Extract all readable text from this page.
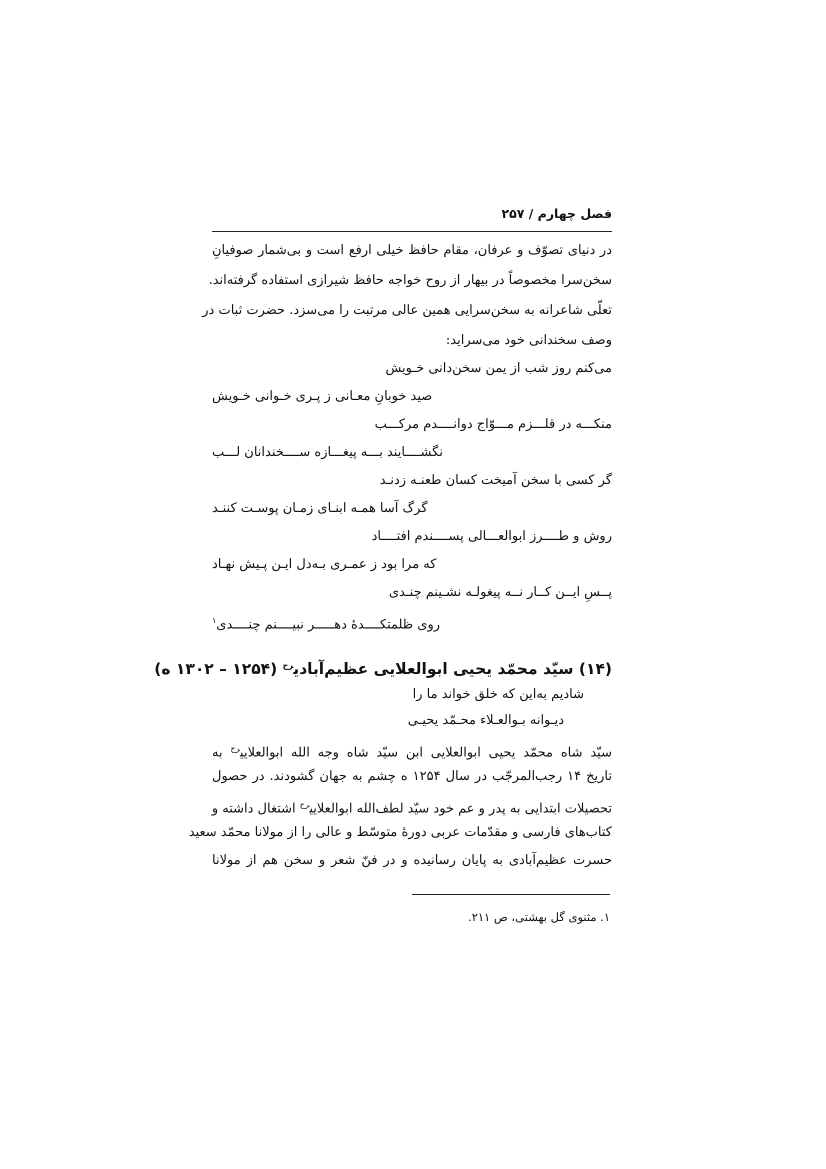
فصل چهارم / ۲۵۷
در دنیای تصوّف و عرفان، مقام حافظ خیلی ارفع است و بی‌شمار صوفیانِ
سخن‌سرا مخصوصاً در بیهار از روح خواجه حافظ شیرازی استفاده گرفته‌اند.
تعلّی شاعرانه به سخن‌سرایی همین عالی مرتبت را می‌سزد. حضرت ثبات در
وصف سخندانی خود می‌سراید:
می‌کنم روز شب از یمن سخن‌دانی خـویش
صید خوبانِ معـانی ز پـری خـوانی خـویش
منکـــه در قلـــزم مـــوّاج دوانــــدم مرکـــب
نگشــــایند بـــه پیغـــازه ســــخندانان لـــب
گر کسی با سخن آمیخت کسان طعنـه زدنـد
گرگ آسا همـه ابنـای زمـان پوسـت کننـد
روش و طــــرز ابوالعـــالی پســــندم افتــــاد
که مرا بود ز عمـری بـه‌دل ایـن پـیش نهـاد
پــسِ ایــن کــار نــه پیغولـه نشـینم چنـدی
روی ظلمتکــــدهٔ دهـــــر نبیــــنم چنــــدی$^۱$
(۱۴) سیّد محمّد یحیی ابوالعلایی عظیم‌آبادی$^{رح}$ (۱۲۵۴ – ۱۳۰۲ ه)
شادیم به‌این که خلق خواند ما را
دیـوانه بـوالعـلاء محـمّد یحیـی
سیّد شاه محمّد یحیی ابوالعلایی ابن سیّد شاه وجه الله ابوالعلایی$^{رح}$ به
تاریخ ۱۴ رجب‌المرجّب در سال ۱۲۵۴ ه چشم به جهان گشودند. در حصول
تحصیلات ابتدایی به پدر و عم خود سیّد لطف‌الله ابوالعلایی$^{رح}$ اشتغال داشته و
کتاب‌های فارسی و مقدّمات عربی دورهٔ متوسّط و عالی را از مولانا محمّد سعید
حسرت عظیم‌آبادی به پایان رسانیده و در فنّ شعر و سخن هم از مولانا
۱. مثنوی گل بهشتی، ص ۲۱۱.
